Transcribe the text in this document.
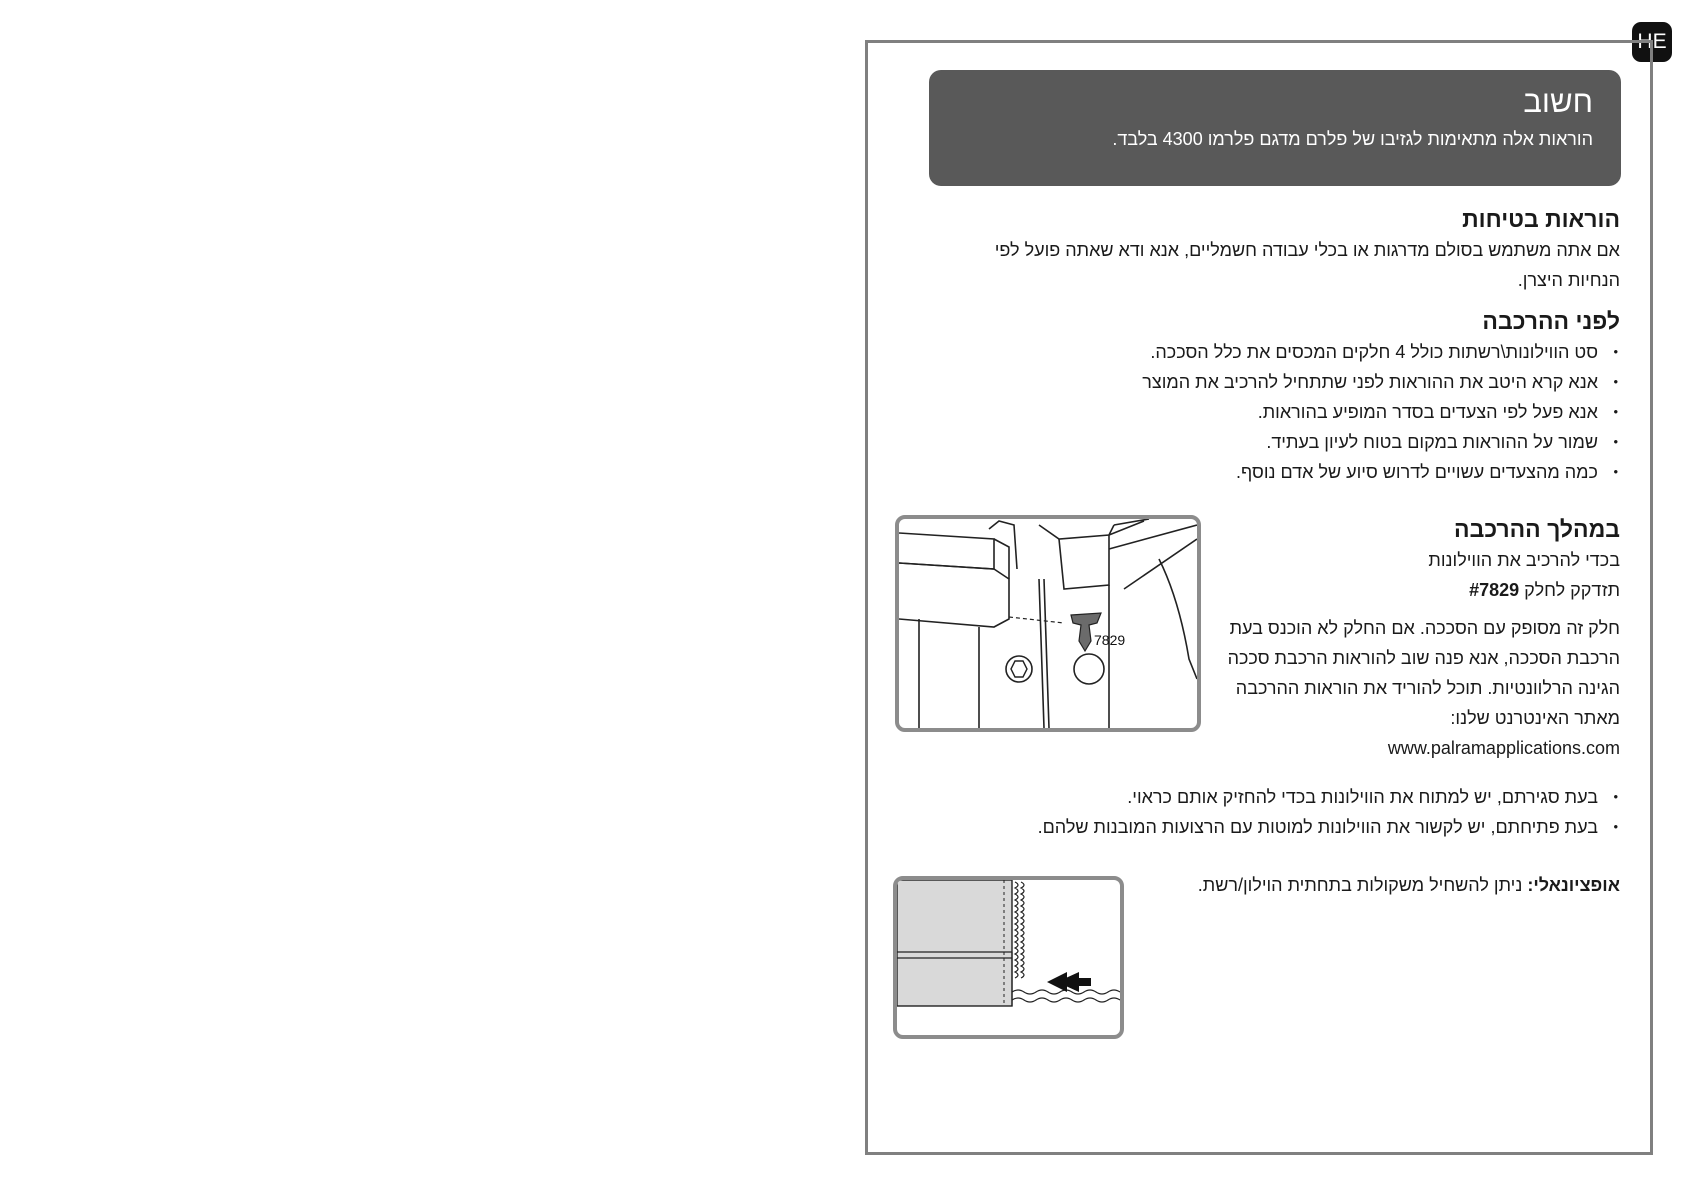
HE
חשוב
הוראות אלה מתאימות לגזיבו של פלרם מדגם פלרמו 4300 בלבד.
הוראות בטיחות

אם אתה משתמש בסולם מדרגות או בכלי עבודה חשמליים, אנא ודא שאתה פועל לפי הנחיות היצרן.

לפני ההרכבה
• סט הווילונות\רשתות כולל 4 חלקים המכסים את כלל הסככה.
• אנא קרא היטב את ההוראות לפני שתתחיל להרכיב את המוצר
• אנא פעל לפי הצעדים בסדר המופיע בהוראות.
• שמור על ההוראות במקום בטוח לעיון בעתיד.
• כמה מהצעדים עשויים לדרוש סיוע של אדם נוסף.
במהלך ההרכבה

בכדי להרכיב את הווילונות

תזדקק לחלק #7829

חלק זה מסופק עם הסככה. אם החלק לא הוכנס בעת הרכבת הסככה, אנא פנה שוב להוראות הרכבת סככה הגינה הרלוונטיות. תוכל להוריד את הוראות ההרכבה מאתר האינטרנט שלנו:

www.palramapplications.com

7829
• בעת סגירתם, יש למתוח את הווילונות בכדי להחזיק אותם כראוי.
• בעת פתיחתם, יש לקשור את הווילונות למוטות עם הרצועות המובנות שלהם.

אופציונאלי: ניתן להשחיל משקולות בתחתית הוילון/רשת.
